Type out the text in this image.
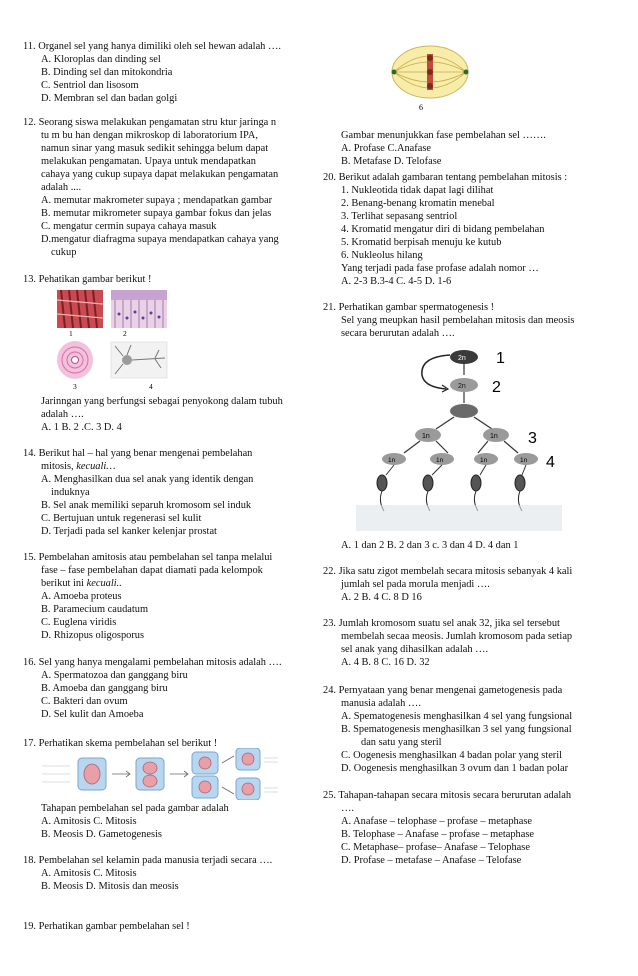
11. Organel sel yang hanya dimiliki oleh sel hewan adalah ….
A. Kloroplas dan dinding sel
B. Dinding sel dan mitokondria
C. Sentriol dan lisosom
D. Membran sel dan badan golgi
12. Seorang siswa melakukan pengamatan stru ktur jaringa n
tu m bu han dengan mikroskop di laboratorium IPA,
namun sinar yang masuk sedikit sehingga belum dapat
melakukan pengamatan. Upaya untuk mendapatkan
cahaya yang cukup supaya dapat melakukan pengamatan
adalah ....
A. memutar makrometer supaya ; mendapatkan gambar
B. memutar mikrometer supaya gambar fokus dan jelas
C. mengatur cermin supaya cahaya masuk
D.mengatur diafragma supaya mendapatkan cahaya yang
cukup
13. Pehatikan gambar berikut !
1	2
3	4
Jarinngan yang berfungsi sebagai penyokong dalam tubuh
adalah ….
A. 1 B. 2 .C. 3 D. 4
14. Berikut hal – hal yang benar mengenai pembelahan
mitosis, kecuali…
A. Menghasilkan dua sel anak yang identik dengan
induknya
B. Sel anak memiliki separuh kromosom sel induk
C. Bertujuan untuk regenerasi sel kulit
D. Terjadi pada sel kanker kelenjar prostat
15. Pembelahan amitosis atau pembelahan sel tanpa melalui
fase – fase pembelahan dapat diamati pada kelompok
berikut ini kecuali..
A. Amoeba proteus
B. Paramecium caudatum
C. Euglena viridis
D. Rhizopus oligosporus
16. Sel yang hanya mengalami pembelahan mitosis adalah ….
A. Spermatozoa dan ganggang biru
B. Amoeba dan ganggang biru
C. Bakteri dan ovum
D. Sel kulit dan Amoeba
17. Perhatikan skema pembelahan sel berikut !
Tahapan pembelahan sel pada gambar adalah
A. Amitosis C. Mitosis
B. Meosis D. Gametogenesis
18. Pembelahan sel kelamin pada manusia terjadi secara ….
A. Amitosis C. Mitosis
B. Meosis D. Mitosis dan meosis
19. Perhatikan gambar pembelahan sel !
6
Gambar menunjukkan fase pembelahan sel …….
A. Profase C.Anafase
B. Metafase D. Telofase
20. Berikut adalah gambaran tentang pembelahan mitosis :
1. Nukleotida tidak dapat lagi dilihat
2. Benang-benang kromatin menebal
3. Terlihat sepasang sentriol
4. Kromatid mengatur diri di bidang pembelahan
5. Kromatid berpisah menuju ke kutub
6. Nukleolus hilang
Yang terjadi pada fase profase adalah nomor …
A. 2-3 B.3-4 C. 4-5 D. 1-6
21. Perhatikan gambar spermatogenesis !
Sel yang meupkan hasil pembelahan mitosis dan meosis
secara berurutan adalah ….
2n 1
2n 2
1n	1n 3
1n	1n	1n	1n 4
A. 1 dan 2 B. 2 dan 3 c. 3 dan 4 D. 4 dan 1
22. Jika satu zigot membelah secara mitosis sebanyak 4 kali
jumlah sel pada morula menjadi ….
A. 2 B. 4 C. 8 D 16
23. Jumlah kromosom suatu sel anak 32, jika sel tersebut
membelah secaa meosis. Jumlah kromosom pada setiap
sel anak yang dihasilkan adalah ….
A. 4 B. 8 C. 16 D. 32
24. Pernyataan yang benar mengenai gametogenesis pada
manusia adalah ….
A. Spematogenesis menghasilkan 4 sel yang fungsional
B. Spematogenesis menghasilkan 3 sel yang fungsional
dan satu yang steril
C. Oogenesis menghasilkan 4 badan polar yang steril
D. Oogenesis menghasilkan 3 ovum dan 1 badan polar
25. Tahapan-tahapan secara mitosis secara berurutan adalah
….
A. Anafase – telophase – profase – metaphase
B. Telophase – Anafase – profase – metaphase
C. Metaphase– profase– Anafase – Telophase
D. Profase – metafase – Anafase – Telofase
